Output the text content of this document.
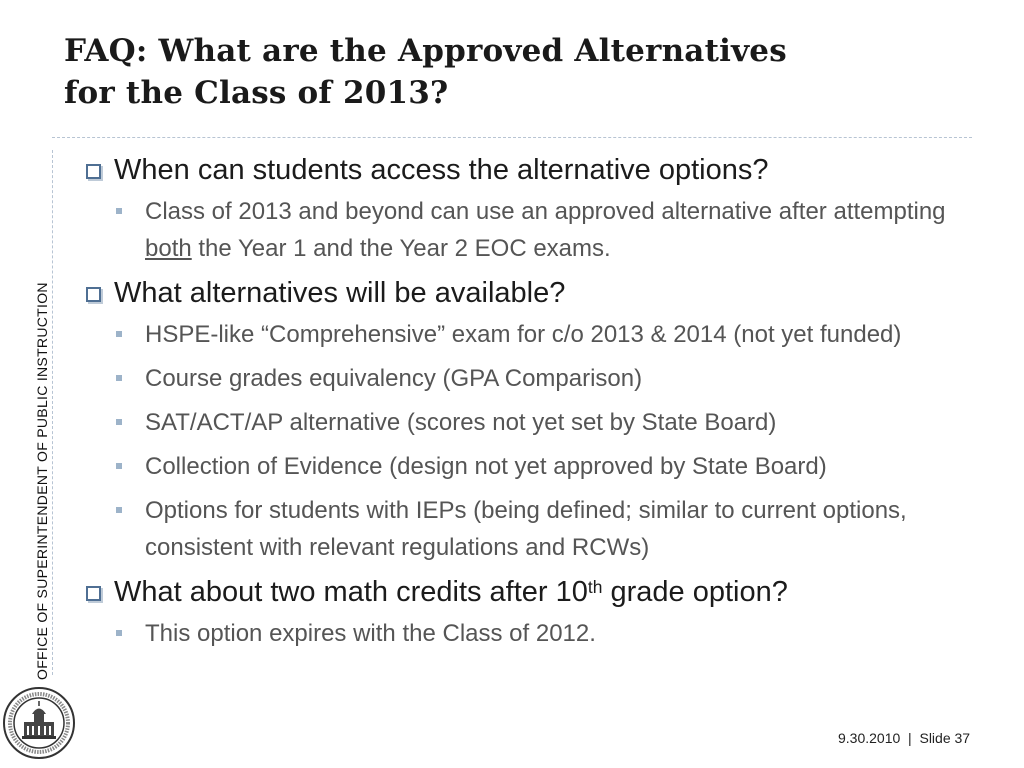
FAQ: What are the Approved Alternatives
for the Class of 2013?
OFFICE OF SUPERINTENDENT OF PUBLIC INSTRUCTION
When can students access the alternative options?
Class of 2013 and beyond can use an approved alternative after attempting both the Year 1 and the Year 2 EOC exams.
What alternatives will be available?
HSPE-like “Comprehensive” exam for c/o 2013 & 2014 (not yet funded)
Course grades equivalency (GPA Comparison)
SAT/ACT/AP alternative (scores not yet set by State Board)
Collection of Evidence (design not yet approved by State Board)
Options for students with IEPs (being defined; similar to current options, consistent with relevant regulations and RCWs)
What about two math credits after 10th grade option?
This option expires with the Class of 2012.
9.30.2010  |  Slide 37
